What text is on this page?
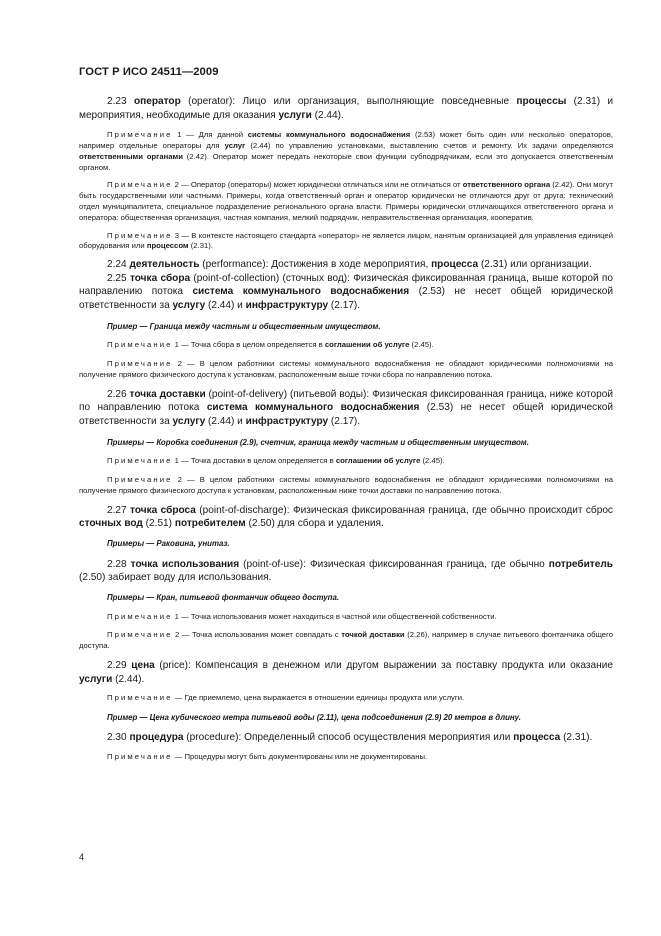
ГОСТ Р ИСО 24511—2009

2.23 оператор (operator): Лицо или организация, выполняющие повседневные процессы (2.31) и мероприятия, необходимые для оказания услуги (2.44).

Примечание 1 — Для данной системы коммунального водоснабжения (2.53) может быть один или несколько операторов, например отдельные операторы для услуг (2.44) по управлению установками, выставлению счетов и ремонту. Их задачи определяются ответственными органами (2.42). Оператор может передать некоторые свои функции субподрядчикам, если это допускается ответственным органом.

Примечание 2 — Оператор (операторы) может юридически отличаться или не отличаться от ответственного органа (2.42). Они могут быть государственными или частными. Примеры, когда ответственный орган и оператор юридически не отличаются друг от друга: технический отдел муниципалитета, специальное подразделение регионального органа власти. Примеры юридически отличающихся ответственного органа и оператора: общественная организация, частная компания, мелкий подрядчик, неправительственная организация, кооператив.

Примечание 3 — В контексте настоящего стандарта «оператор» не является лицом, нанятым организацией для управления единицей оборудования или процессом (2.31).

2.24 деятельность (performance): Достижения в ходе мероприятия, процесса (2.31) или организации.

2.25 точка сбора (point-of-collection) (сточных вод): Физическая фиксированная граница, выше которой по направлению потока система коммунального водоснабжения (2.53) не несет общей юридической ответственности за услугу (2.44) и инфраструктуру (2.17).

Пример — Граница между частным и общественным имуществом.

Примечание 1 — Точка сбора в целом определяется в соглашении об услуге (2.45).

Примечание 2 — В целом работники системы коммунального водоснабжения не обладают юридическими полномочиями на получение прямого физического доступа к установкам, расположенным выше точки сбора по направлению потока.

2.26 точка доставки (point-of-delivery) (питьевой воды): Физическая фиксированная граница, ниже которой по направлению потока система коммунального водоснабжения (2.53) не несет общей юридической ответственности за услугу (2.44) и инфраструктуру (2.17).

Примеры — Коробка соединения (2.9), счетчик, граница между частным и общественным имуществом.

Примечание 1 — Точка доставки в целом определяется в соглашении об услуге (2.45).

Примечание 2 — В целом работники системы коммунального водоснабжения не обладают юридическими полномочиями на получение прямого физического доступа к установкам, расположенным ниже точки доставки по направлению потока.

2.27 точка сброса (point-of-discharge): Физическая фиксированная граница, где обычно происходит сброс сточных вод (2.51) потребителем (2.50) для сбора и удаления.

Примеры — Раковина, унитаз.

2.28 точка использования (point-of-use): Физическая фиксированная граница, где обычно потребитель (2.50) забирает воду для использования.

Примеры — Кран, питьевой фонтанчик общего доступа.

Примечание 1 — Точка использования может находиться в частной или общественной собственности.

Примечание 2 — Точка использования может совпадать с точкой доставки (2.26), например в случае питьевого фонтанчика общего доступа.

2.29 цена (price): Компенсация в денежном или другом выражении за поставку продукта или оказание услуги (2.44).

Примечание — Где приемлемо, цена выражается в отношении единицы продукта или услуги.

Пример — Цена кубического метра питьевой воды (2.11), цена подсоединения (2.9) 20 метров в длину.

2.30 процедура (procedure): Определенный способ осуществления мероприятия или процесса (2.31).

Примечание — Процедуры могут быть документированы или не документированы.

4
